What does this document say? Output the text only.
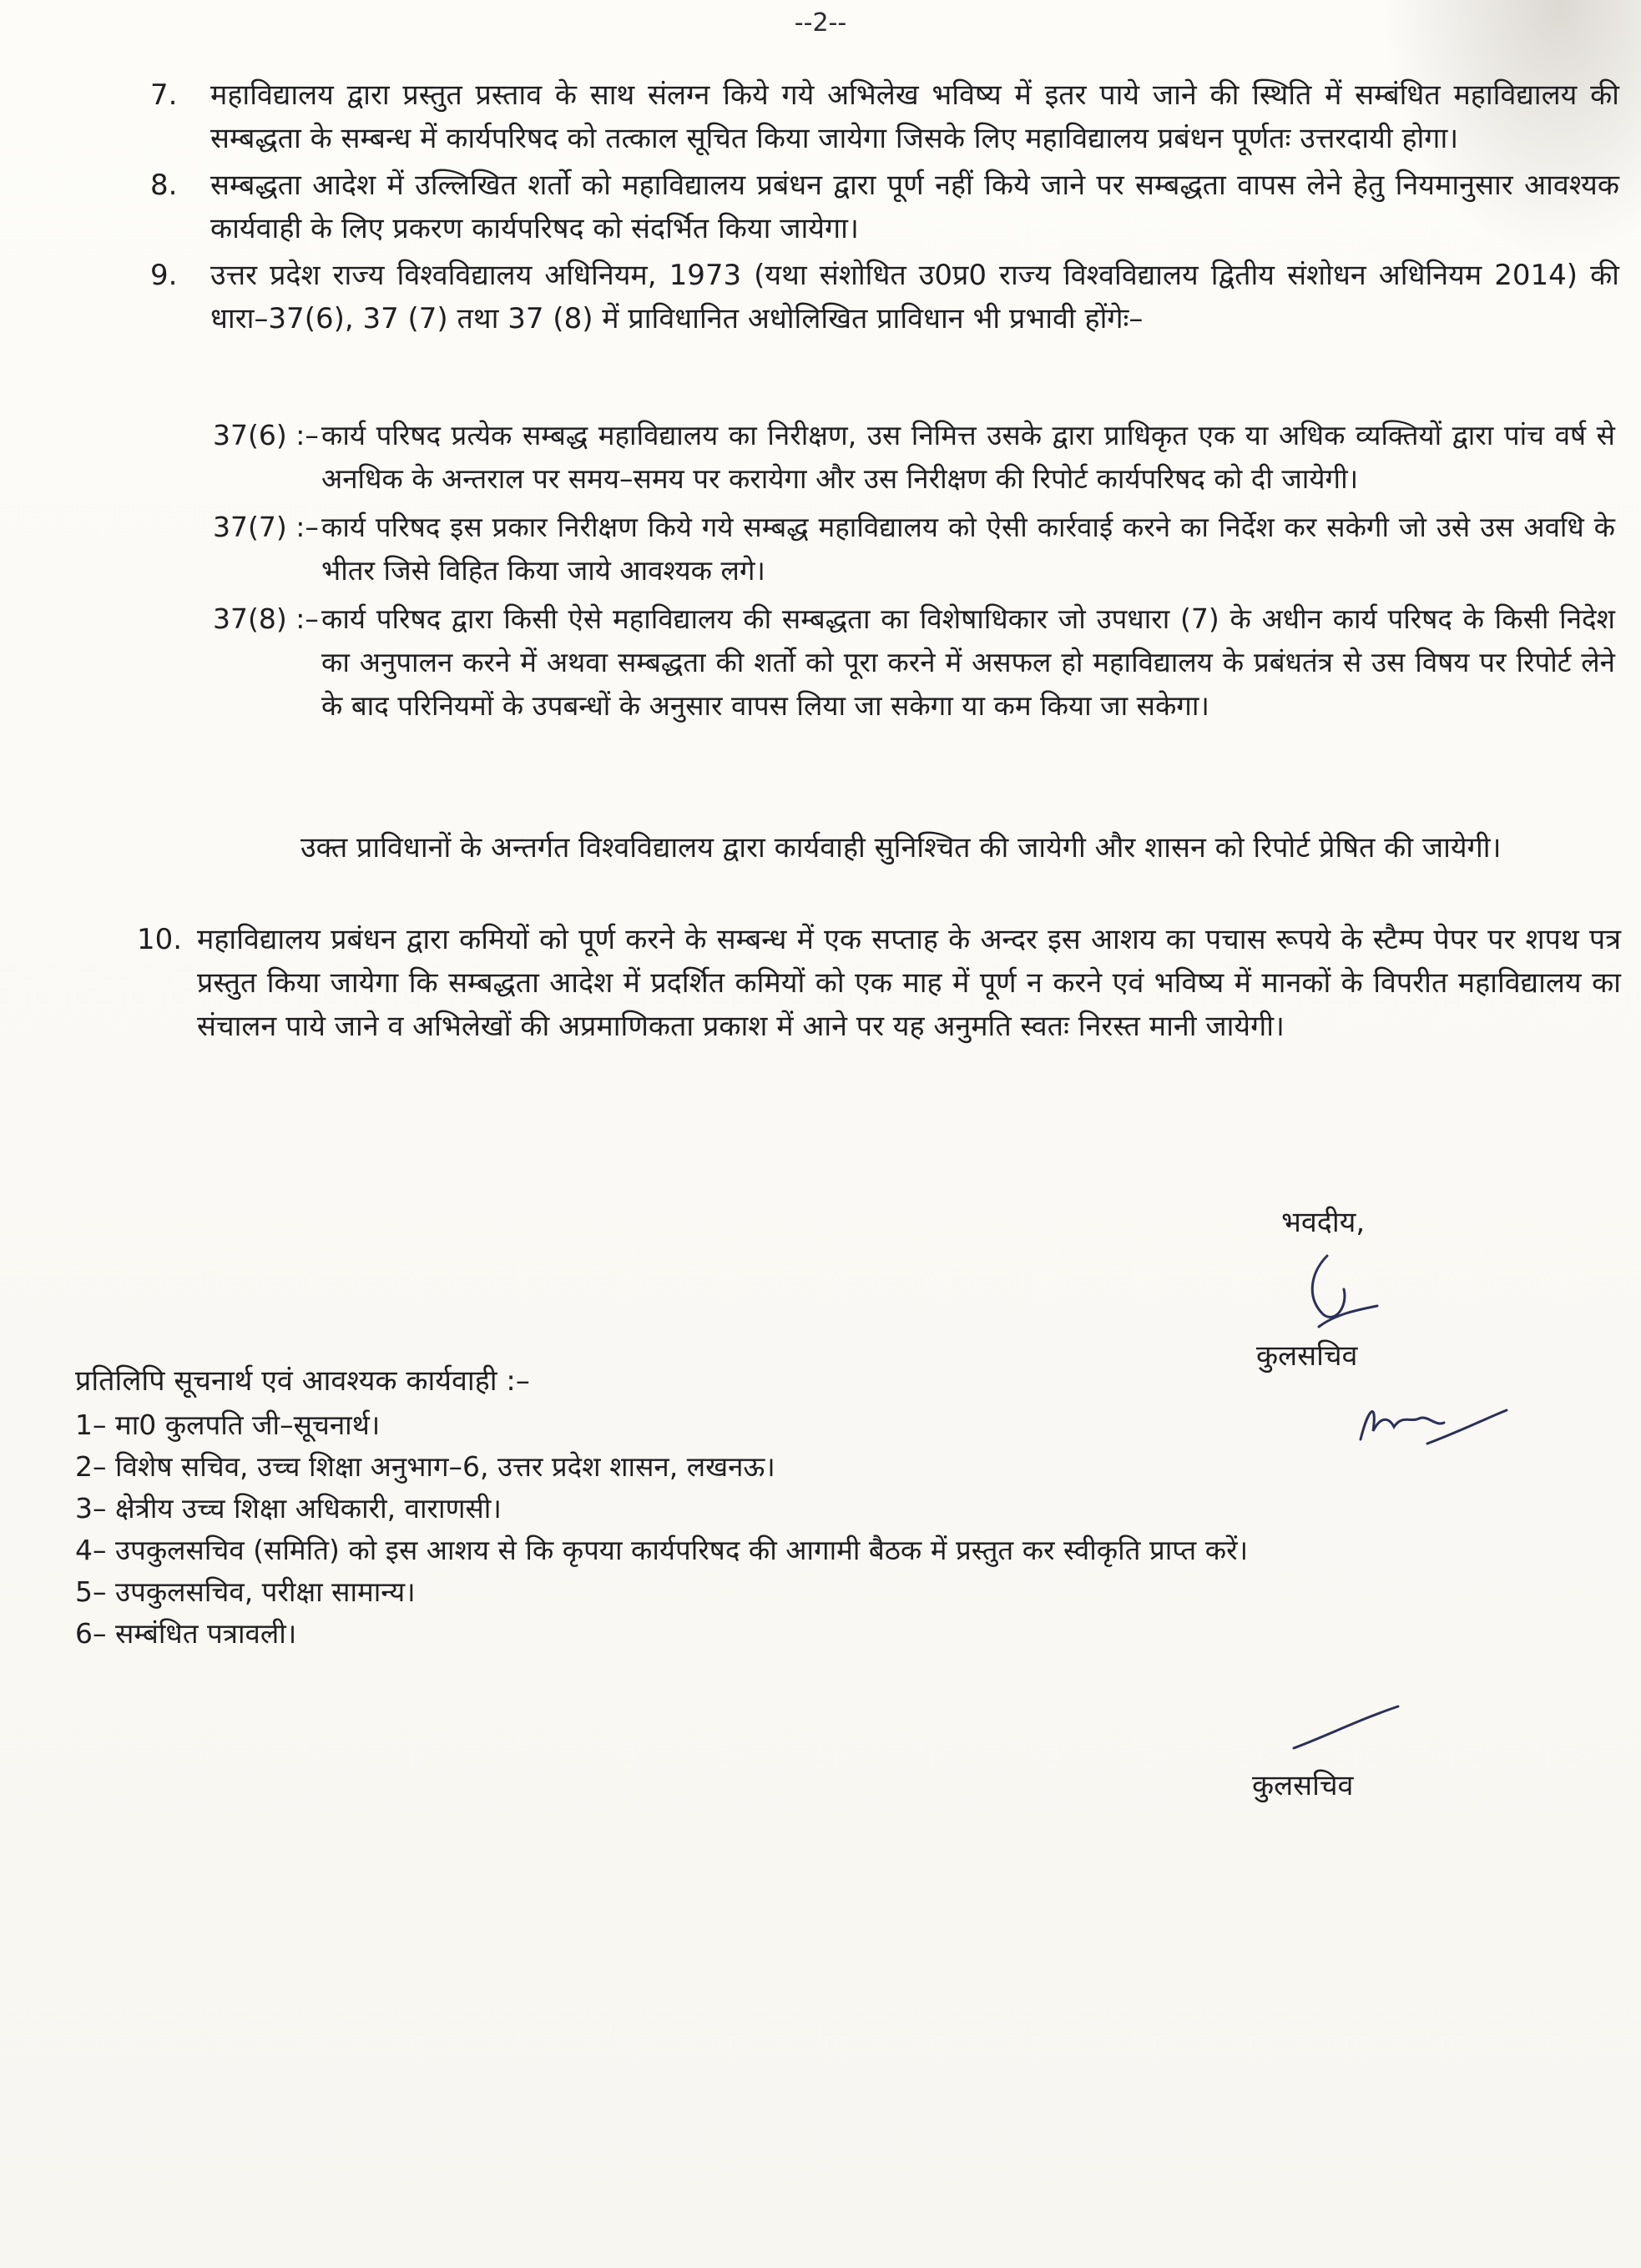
--2--
7.	महाविद्यालय द्वारा प्रस्तुत प्रस्ताव के साथ संलग्न किये गये अभिलेख भविष्य में इतर पाये जाने की स्थिति में सम्बंधित महाविद्यालय की सम्बद्धता के सम्बन्ध में कार्यपरिषद को तत्काल सूचित किया जायेगा जिसके लिए महाविद्यालय प्रबंधन पूर्णतः उत्तरदायी होगा।
8.	सम्बद्धता आदेश में उल्लिखित शर्तो को महाविद्यालय प्रबंधन द्वारा पूर्ण नहीं किये जाने पर सम्बद्धता वापस लेने हेतु नियमानुसार आवश्यक कार्यवाही के लिए प्रकरण कार्यपरिषद को संदर्भित किया जायेगा।
9.	उत्तर प्रदेश राज्य विश्वविद्यालय अधिनियम, 1973 (यथा संशोधित उ0प्र0 राज्य विश्वविद्यालय द्वितीय संशोधन अधिनियम 2014) की धारा–37(6), 37 (7) तथा 37 (8) में प्राविधानित अधोलिखित प्राविधान भी प्रभावी होंगेः–
37(6) :– कार्य परिषद प्रत्येक सम्बद्ध महाविद्यालय का निरीक्षण, उस निमित्त उसके द्वारा प्राधिकृत एक या अधिक व्यक्तियों द्वारा पांच वर्ष से अनधिक के अन्तराल पर समय–समय पर करायेगा और उस निरीक्षण की रिपोर्ट कार्यपरिषद को दी जायेगी।
37(7) :– कार्य परिषद इस प्रकार निरीक्षण किये गये सम्बद्ध महाविद्यालय को ऐसी कार्रवाई करने का निर्देश कर सकेगी जो उसे उस अवधि के भीतर जिसे विहित किया जाये आवश्यक लगे।
37(8) :– कार्य परिषद द्वारा किसी ऐसे महाविद्यालय की सम्बद्धता का विशेषाधिकार जो उपधारा (7) के अधीन कार्य परिषद के किसी निदेश का अनुपालन करने में अथवा सम्बद्धता की शर्तो को पूरा करने में असफल हो महाविद्यालय के प्रबंधतंत्र से उस विषय पर रिपोर्ट लेने के बाद परिनियमों के उपबन्धों के अनुसार वापस लिया जा सकेगा या कम किया जा सकेगा।
उक्त प्राविधानों के अन्तर्गत विश्वविद्यालय द्वारा कार्यवाही सुनिश्चित की जायेगी और शासन को रिपोर्ट प्रेषित की जायेगी।
10. महाविद्यालय प्रबंधन द्वारा कमियों को पूर्ण करने के सम्बन्ध में एक सप्ताह के अन्दर इस आशय का पचास रूपये के स्टैम्प पेपर पर शपथ पत्र प्रस्तुत किया जायेगा कि सम्बद्धता आदेश में प्रदर्शित कमियों को एक माह में पूर्ण न करने एवं भविष्य में मानकों के विपरीत महाविद्यालय का संचालन पाये जाने व अभिलेखों की अप्रमाणिकता प्रकाश में आने पर यह अनुमति स्वतः निरस्त मानी जायेगी।
भवदीय,
कुलसचिव
प्रतिलिपि सूचनार्थ एवं आवश्यक कार्यवाही :–
1– मा0 कुलपति जी–सूचनार्थ।
2– विशेष सचिव, उच्च शिक्षा अनुभाग–6, उत्तर प्रदेश शासन, लखनऊ।
3– क्षेत्रीय उच्च शिक्षा अधिकारी, वाराणसी।
4– उपकुलसचिव (समिति) को इस आशय से कि कृपया कार्यपरिषद की आगामी बैठक में प्रस्तुत कर स्वीकृति प्राप्त करें।
5– उपकुलसचिव, परीक्षा सामान्य।
6– सम्बंधित पत्रावली।
कुलसचिव
